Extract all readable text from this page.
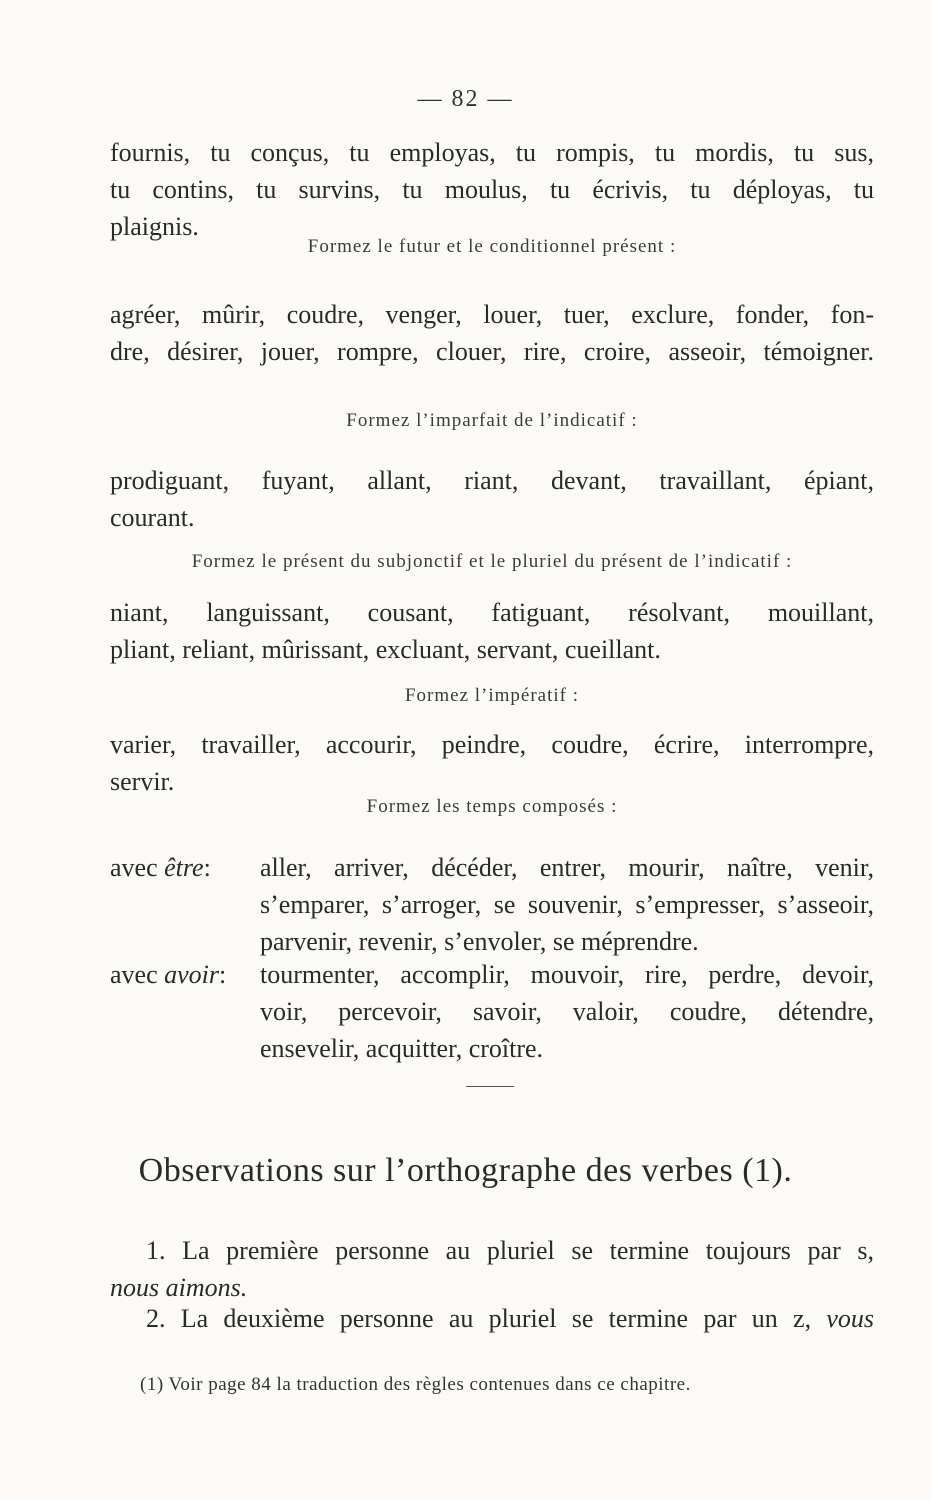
— 82 —
fournis, tu conçus, tu employas, tu rompis, tu mordis, tu sus,
tu contins, tu survins, tu moulus, tu écrivis, tu déployas, tu
plaignis.
Formez le futur et le conditionnel présent :
agréer, mûrir, coudre, venger, louer, tuer, exclure, fonder, fon-
dre, désirer, jouer, rompre, clouer, rire, croire, asseoir, témoigner.
Formez l’imparfait de l’indicatif :
prodiguant, fuyant, allant, riant, devant, travaillant, épiant,
courant.
Formez le présent du subjonctif et le pluriel du présent de l’indicatif :
niant, languissant, cousant, fatiguant, résolvant, mouillant,
pliant, reliant, mûrissant, excluant, servant, cueillant.
Formez l’impératif :
varier, travailler, accourir, peindre, coudre, écrire, interrompre,
servir.
Formez les temps composés :
avec être: aller, arriver, décéder, entrer, mourir, naître, venir,
s’emparer, s’arroger, se souvenir, s’empresser, s’asseoir,
parvenir, revenir, s’envoler, se méprendre.
avec avoir: tourmenter, accomplir, mouvoir, rire, perdre, devoir,
voir, percevoir, savoir, valoir, coudre, détendre,
ensevelir, acquitter, croître.
Observations sur l’orthographe des verbes (1).
1. La première personne au pluriel se termine toujours par s,
nous aimons.
2. La deuxième personne au pluriel se termine par un z, vous
(1) Voir page 84 la traduction des règles contenues dans ce chapitre.
